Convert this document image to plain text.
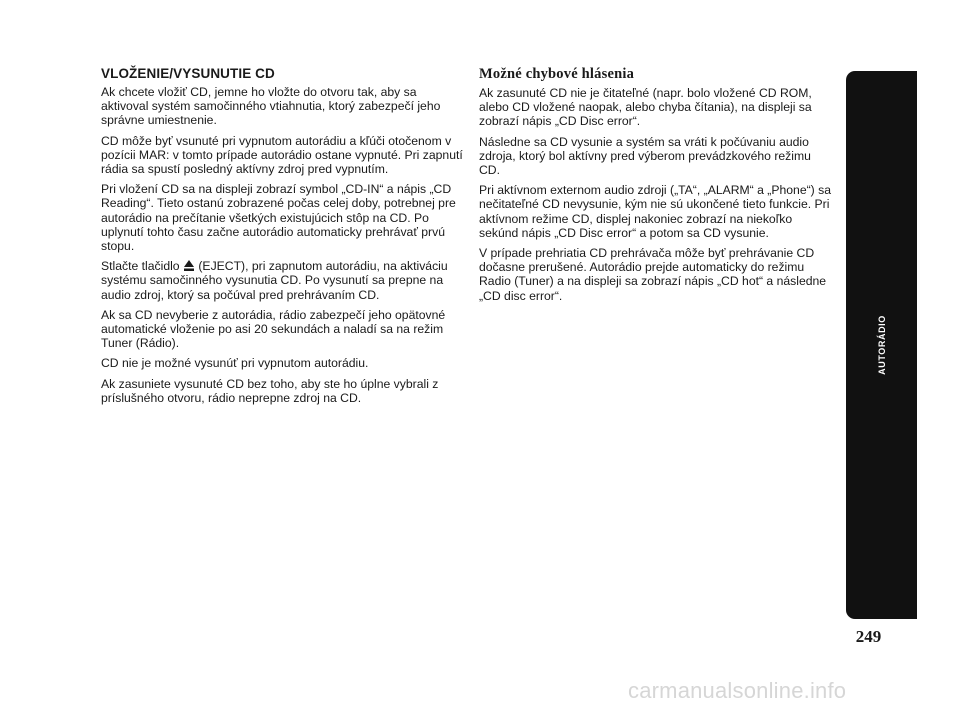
VLOŽENIE/VYSUNUTIE CD

Ak chcete vložiť CD, jemne ho vložte do otvoru tak, aby sa aktivoval systém samočinného vtiahnutia, ktorý zabezpečí jeho správne umiestnenie.

CD môže byť vsunuté pri vypnutom autorádiu a kľúči otočenom v pozícii MAR: v tomto prípade autorádio ostane vypnuté. Pri zapnutí rádia sa spustí posledný aktívny zdroj pred vypnutím.

Pri vložení CD sa na displeji zobrazí symbol „CD-IN“ a nápis „CD Reading“. Tieto ostanú zobrazené počas celej doby, potrebnej pre autorádio na prečítanie všetkých existujúcich stôp na CD. Po uplynutí tohto času začne autorádio automaticky prehrávať prvú stopu.

Stlačte tlačidlo (EJECT), pri zapnutom autorádiu, na aktiváciu systému samočinného vysunutia CD. Po vysunutí sa prepne na audio zdroj, ktorý sa počúval pred prehrávaním CD.

Ak sa CD nevyberie z autorádia, rádio zabezpečí jeho opätovné automatické vloženie po asi 20 sekundách a naladí sa na režim Tuner (Rádio).

CD nie je možné vysunúť pri vypnutom autorádiu.

Ak zasuniete vysunuté CD bez toho, aby ste ho úplne vybrali z príslušného otvoru, rádio neprepne zdroj na CD.

Možné chybové hlásenia

Ak zasunuté CD nie je čitateľné (napr. bolo vložené CD ROM, alebo CD vložené naopak, alebo chyba čítania), na displeji sa zobrazí nápis „CD Disc error“.

Následne sa CD vysunie a systém sa vráti k počúvaniu audio zdroja, ktorý bol aktívny pred výberom prevádzkového režimu CD.

Pri aktívnom externom audio zdroji („TA“, „ALARM“ a „Phone“) sa nečitateľné CD nevysunie, kým nie sú ukončené tieto funkcie. Pri aktívnom režime CD, displej nakoniec zobrazí na niekoľko sekúnd nápis „CD Disc error“ a potom sa CD vysunie.

V prípade prehriatia CD prehrávača môže byť prehrávanie CD dočasne prerušené. Autorádio prejde automaticky do režimu Radio (Tuner) a na displeji sa zobrazí nápis „CD hot“ a následne „CD disc error“.

AUTORÁDIO
249
carmanualsonline.info
